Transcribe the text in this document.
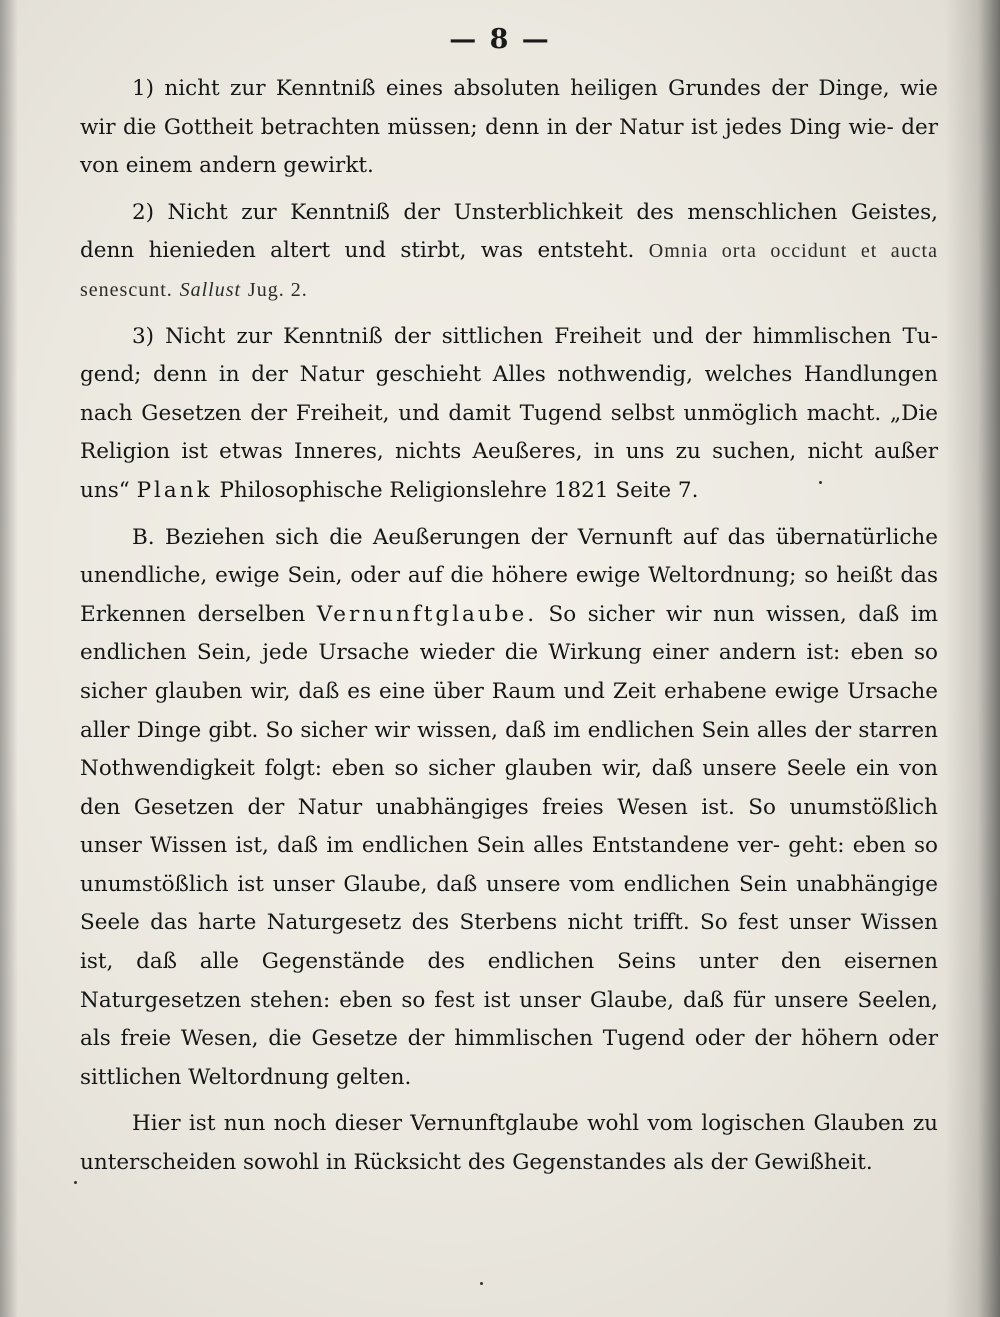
— 8 —

1) nicht zur Kenntniß eines absoluten heiligen Grundes der Dinge, wie wir die Gottheit betrachten müssen; denn in der Natur ist jedes Ding wie- der von einem andern gewirkt.

2) Nicht zur Kenntniß der Unsterblichkeit des menschlichen Geistes, denn hienieden altert und stirbt, was entsteht. Omnia orta occidunt et aucta senescunt. Sallust Jug. 2.

3) Nicht zur Kenntniß der sittlichen Freiheit und der himmlischen Tu- gend; denn in der Natur geschieht Alles nothwendig, welches Handlungen nach Gesetzen der Freiheit, und damit Tugend selbst unmöglich macht. „Die Religion ist etwas Inneres, nichts Aeußeres, in uns zu suchen, nicht außer uns“ Plank Philosophische Religionslehre 1821 Seite 7.

B. Beziehen sich die Aeußerungen der Vernunft auf das übernatürliche unendliche, ewige Sein, oder auf die höhere ewige Weltordnung; so heißt das Erkennen derselben Vernunftglaube. So sicher wir nun wissen, daß im endlichen Sein, jede Ursache wieder die Wirkung einer andern ist: eben so sicher glauben wir, daß es eine über Raum und Zeit erhabene ewige Ursache aller Dinge gibt. So sicher wir wissen, daß im endlichen Sein alles der starren Nothwendigkeit folgt: eben so sicher glauben wir, daß unsere Seele ein von den Gesetzen der Natur unabhängiges freies Wesen ist. So unumstößlich unser Wissen ist, daß im endlichen Sein alles Entstandene ver- geht: eben so unumstößlich ist unser Glaube, daß unsere vom endlichen Sein unabhängige Seele das harte Naturgesetz des Sterbens nicht trifft. So fest unser Wissen ist, daß alle Gegenstände des endlichen Seins unter den eisernen Naturgesetzen stehen: eben so fest ist unser Glaube, daß für unsere Seelen, als freie Wesen, die Gesetze der himmlischen Tugend oder der höhern oder sittlichen Weltordnung gelten.

Hier ist nun noch dieser Vernunftglaube wohl vom logischen Glauben zu unterscheiden sowohl in Rücksicht des Gegenstandes als der Gewißheit.
